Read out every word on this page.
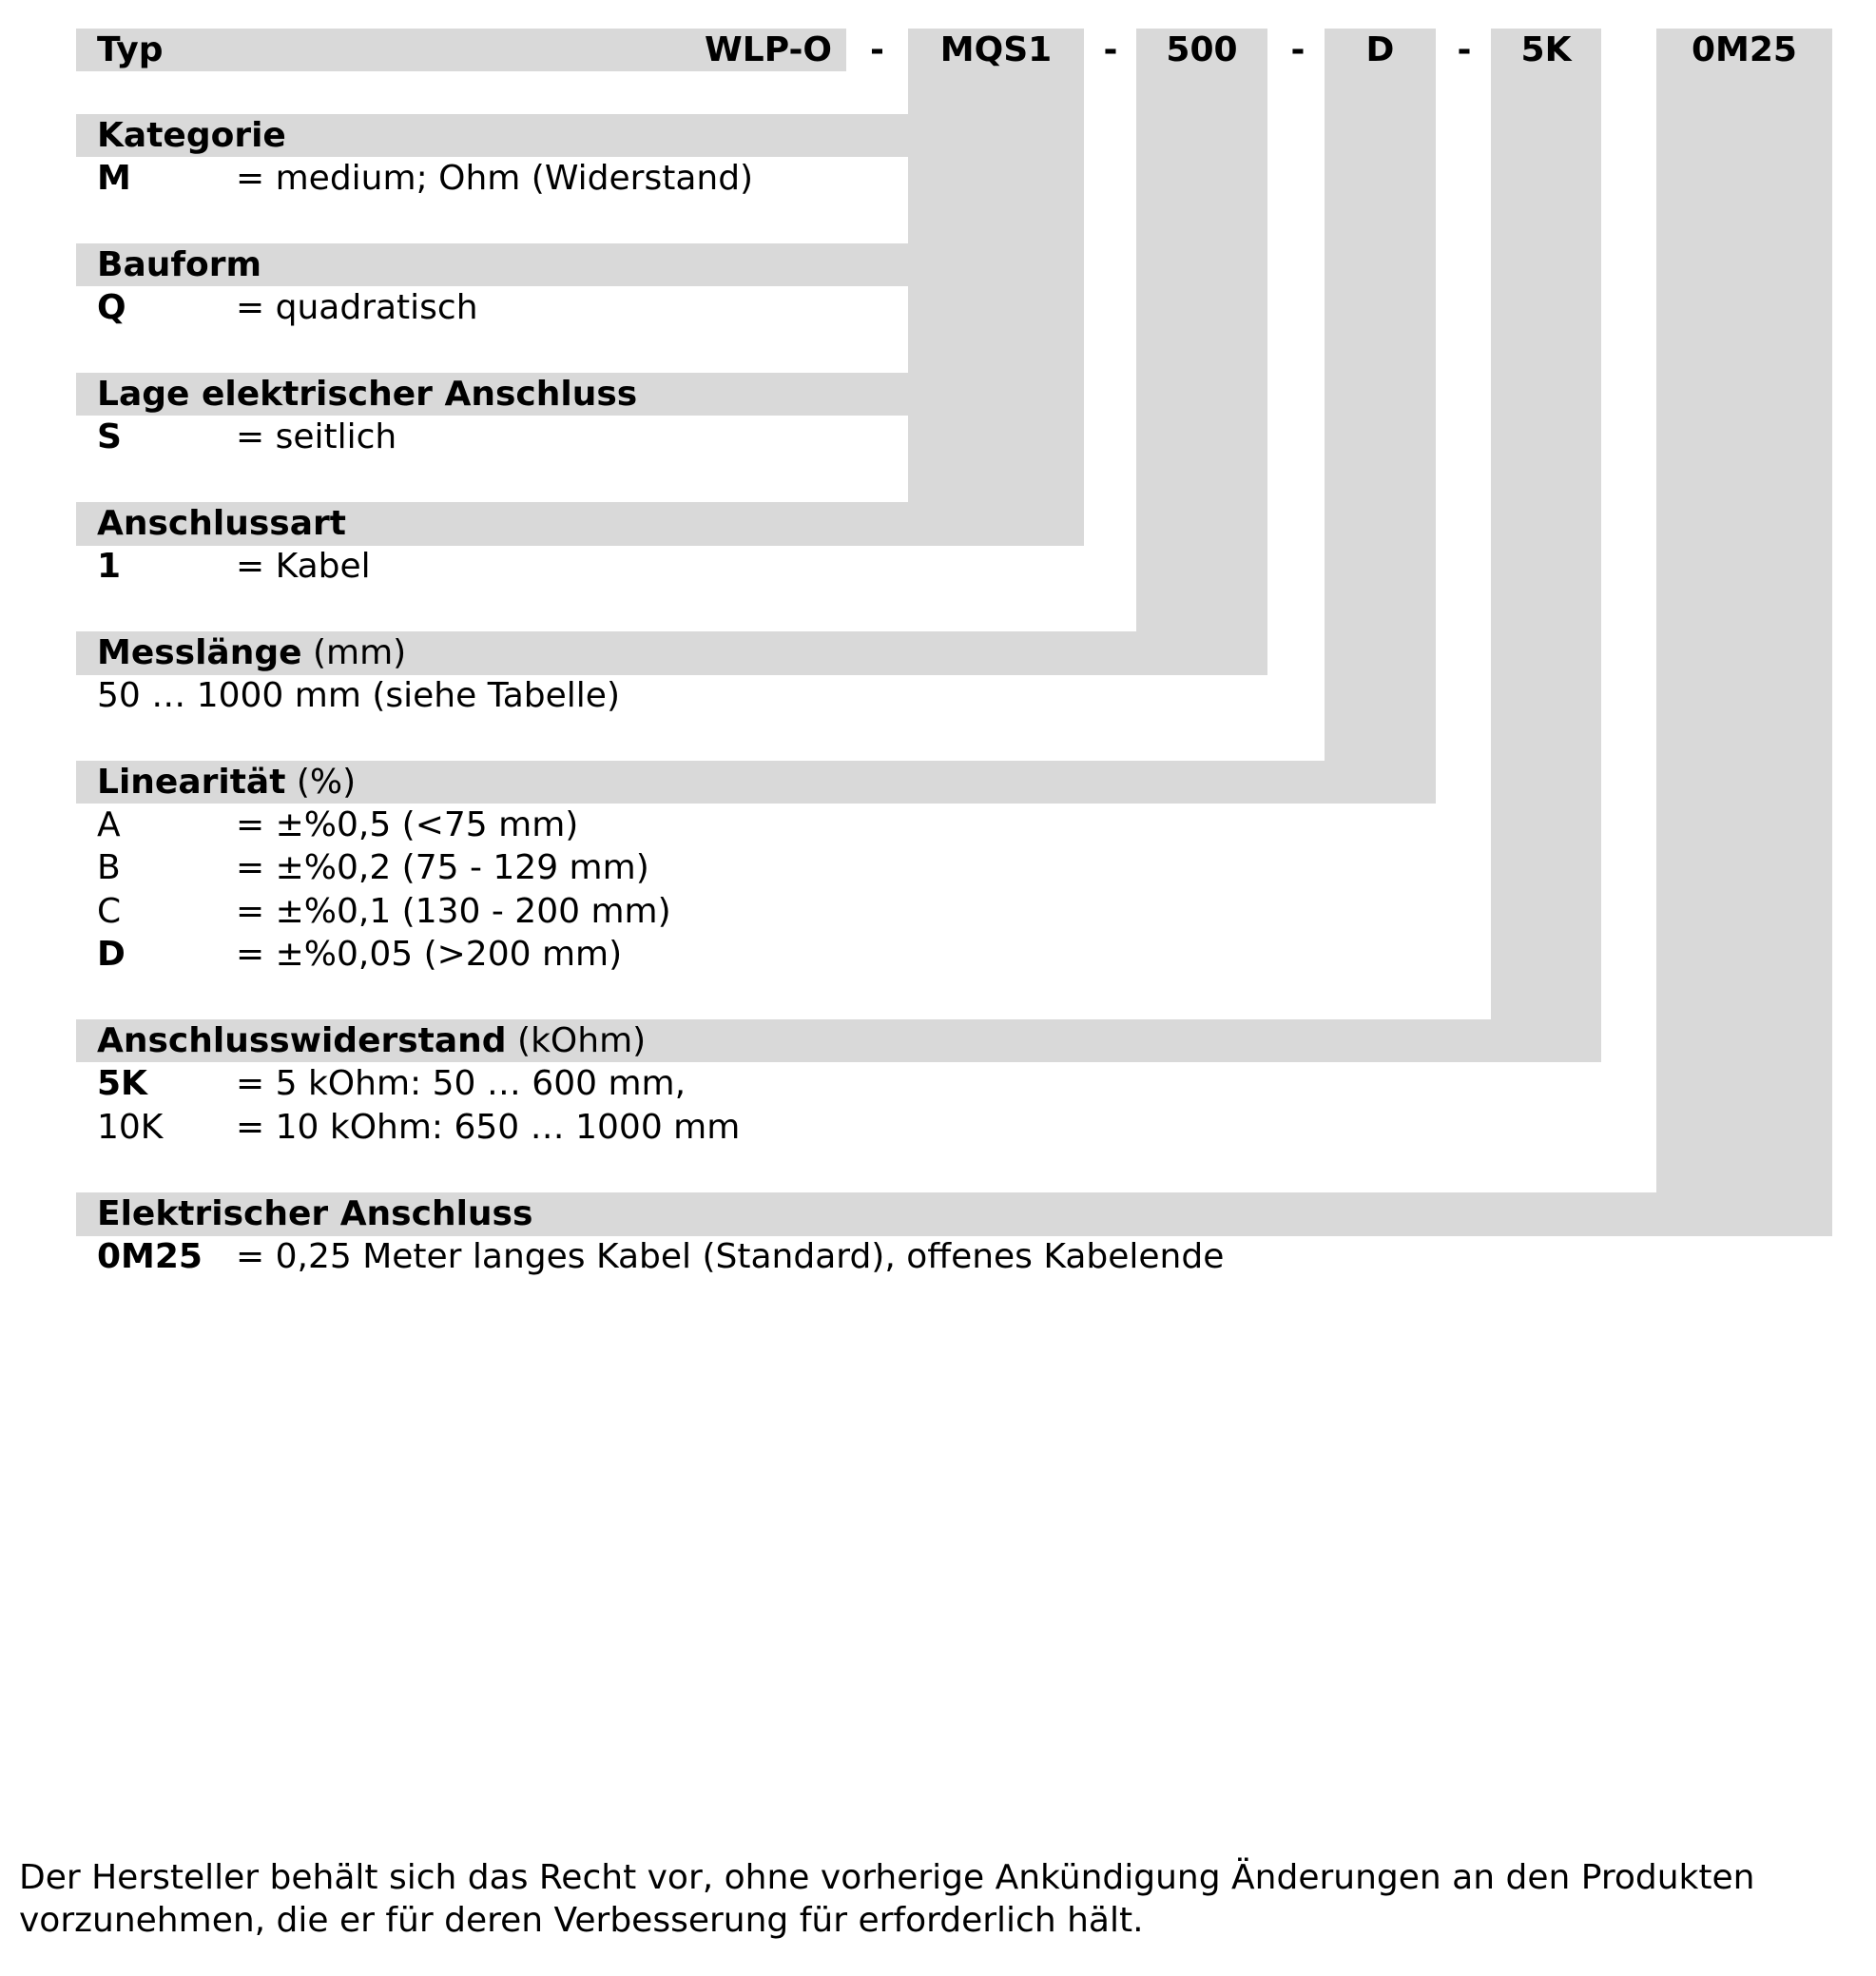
Typ	WLP-O	-	MQS1	-	500	-	D	-	5K	0M25
Kategorie
M	= medium; Ohm (Widerstand)
Bauform
Q	= quadratisch
Lage elektrischer Anschluss
S	= seitlich
Anschlussart
1	= Kabel
Messlänge (mm)
50 … 1000 mm (siehe Tabelle)
Linearität (%)
A	= ±%0,5 (<75 mm)
B	= ±%0,2 (75 - 129 mm)
C	= ±%0,1 (130 - 200 mm)
D	= ±%0,05 (>200 mm)
Anschlusswiderstand (kOhm)
5K	= 5 kOhm: 50 … 600 mm,
10K = 10 kOhm: 650 … 1000 mm
Elektrischer Anschluss
0M25 = 0,25 Meter langes Kabel (Standard), offenes Kabelende
Der Hersteller behält sich das Recht vor, ohne vorherige Ankündigung Änderungen an den Produkten
vorzunehmen, die er für deren Verbesserung für erforderlich hält.
